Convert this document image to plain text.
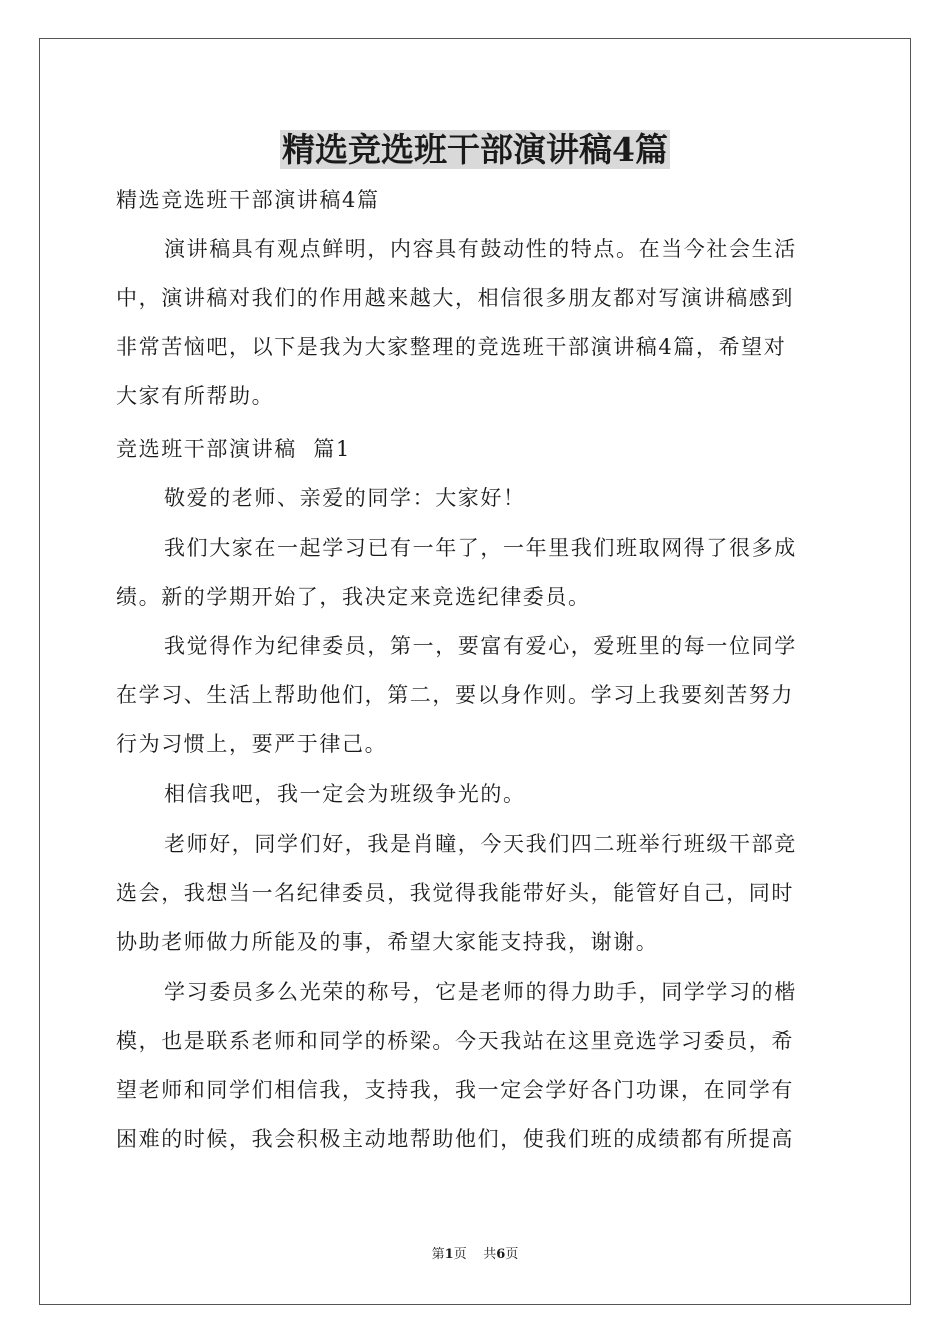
精选竞选班干部演讲稿4篇
精选竞选班干部演讲稿4篇
演讲稿具有观点鲜明，内容具有鼓动性的特点。在当今社会生活
中，演讲稿对我们的作用越来越大，相信很多朋友都对写演讲稿感到
非常苦恼吧，以下是我为大家整理的竞选班干部演讲稿4篇，希望对
大家有所帮助。
竞选班干部演讲稿  篇1
敬爱的老师、亲爱的同学：大家好！
我们大家在一起学习已有一年了，一年里我们班取网得了很多成
绩。新的学期开始了，我决定来竞选纪律委员。
我觉得作为纪律委员，第一，要富有爱心，爱班里的每一位同学
在学习、生活上帮助他们，第二，要以身作则。学习上我要刻苦努力
行为习惯上，要严于律己。
相信我吧，我一定会为班级争光的。
老师好，同学们好，我是肖瞳，今天我们四二班举行班级干部竞
选会，我想当一名纪律委员，我觉得我能带好头，能管好自己，同时
协助老师做力所能及的事，希望大家能支持我，谢谢。
学习委员多么光荣的称号，它是老师的得力助手，同学学习的楷
模，也是联系老师和同学的桥梁。今天我站在这里竞选学习委员，希
望老师和同学们相信我，支持我，我一定会学好各门功课，在同学有
困难的时候，我会积极主动地帮助他们，使我们班的成绩都有所提高
第1页 共6页
